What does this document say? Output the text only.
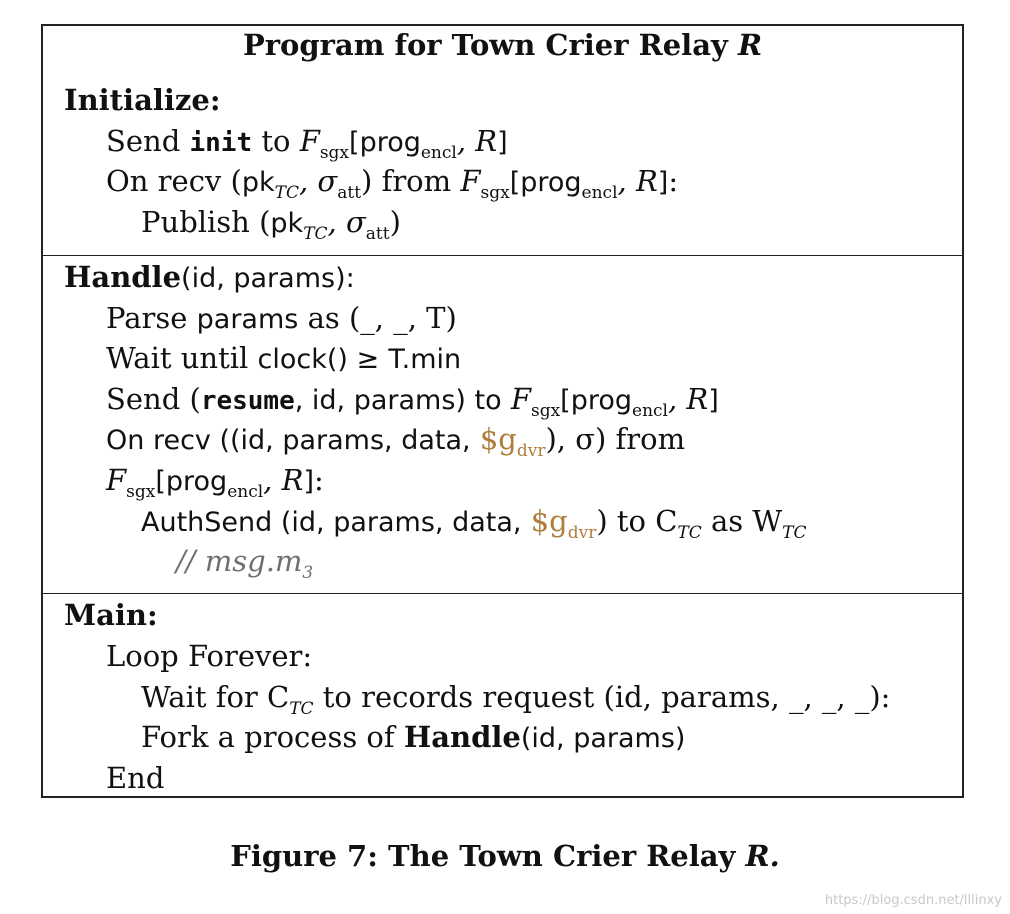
Program for Town Crier Relay R
Initialize:
Send init to $F_{sgx}[prog_{encl}$, R]
On recv ($pk_{TC}$, $\sigma_{att}$) from $F_{sgx}[prog_{encl}$, R]:
Publish ($pk_{TC}$, $\sigma_{att}$)
Handle(id, params):
Parse params as (_, _, T)
Wait until clock() ≥ T.min
Send (resume, id, params) to $F_{sgx}[prog_{encl}$, R]
On recv ((id, params, data, $\$g_{dvr}$), σ) from
$F_{sgx}[prog_{encl}$, R]:
AuthSend (id, params, data, $\$g_{dvr}$) to $C_{TC}$ as $W_{TC}$
// $msg.m_3$
Main:
Loop Forever:
Wait for $C_{TC}$ to records request (id, params, _, _, _):
Fork a process of Handle(id, params)
End
Figure 7: The Town Crier Relay R.
https://blog.csdn.net/lllinxy
